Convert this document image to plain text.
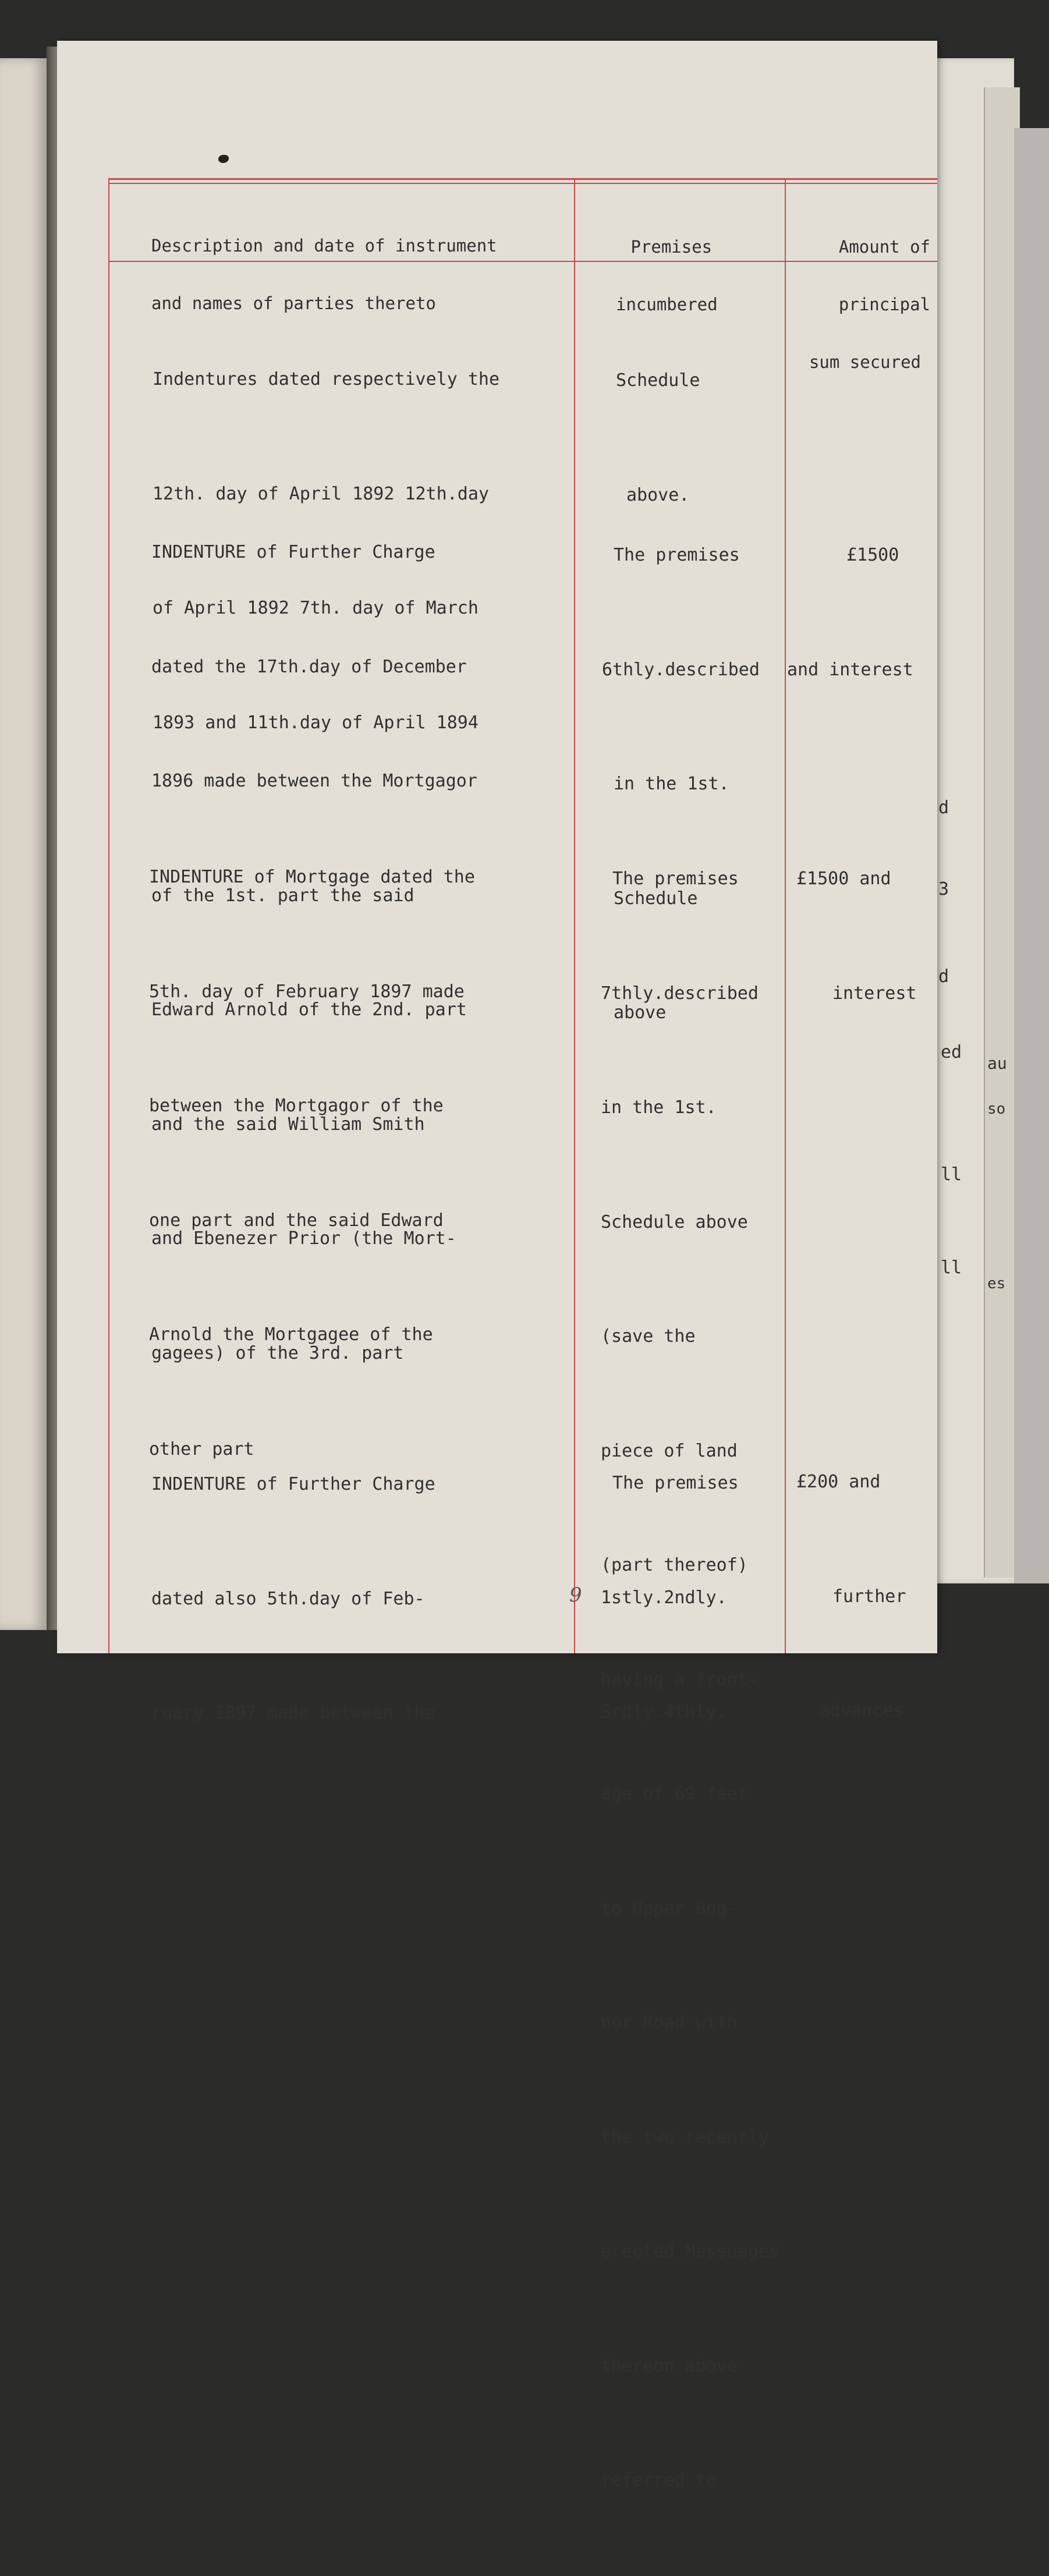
d
3
d
ed
ll
ll
au
so
es

Description and date of instrument

and names of parties thereto

Premises

incumbered

Amount of

principal

sum secured

Indentures dated respectively the

12th. day of April 1892 12th.day

of April 1892 7th. day of March

1893 and 11th.day of April 1894

Schedule

above.

INDENTURE of Further Charge

dated the 17th.day of December

1896 made between the Mortgagor

of the 1st. part the said

Edward Arnold of the 2nd. part

and the said William Smith

and Ebenezer Prior (the Mort-

gagees) of the 3rd. part

The premises

6thly.described

in the 1st.

Schedule

above

£1500

and interest

INDENTURE of Mortgage dated the

5th. day of February 1897 made

between the Mortgagor of the

one part and the said Edward

Arnold the Mortgagee of the

other part

The premises

7thly.described

in the 1st.

Schedule above

(save the

piece of land

(part thereof)

having a front-

age of 69 feet

to Upper Bog-

nor Road with

the two recently

erected Messuages

thereon above

referred to

£1500 and

interest

INDENTURE of Further Charge

dated also 5th.day of Feb-

ruary 1897 made between the

The premises

1stly.2ndly.

3rdly.4thly.

£200 and

further

advances

9
